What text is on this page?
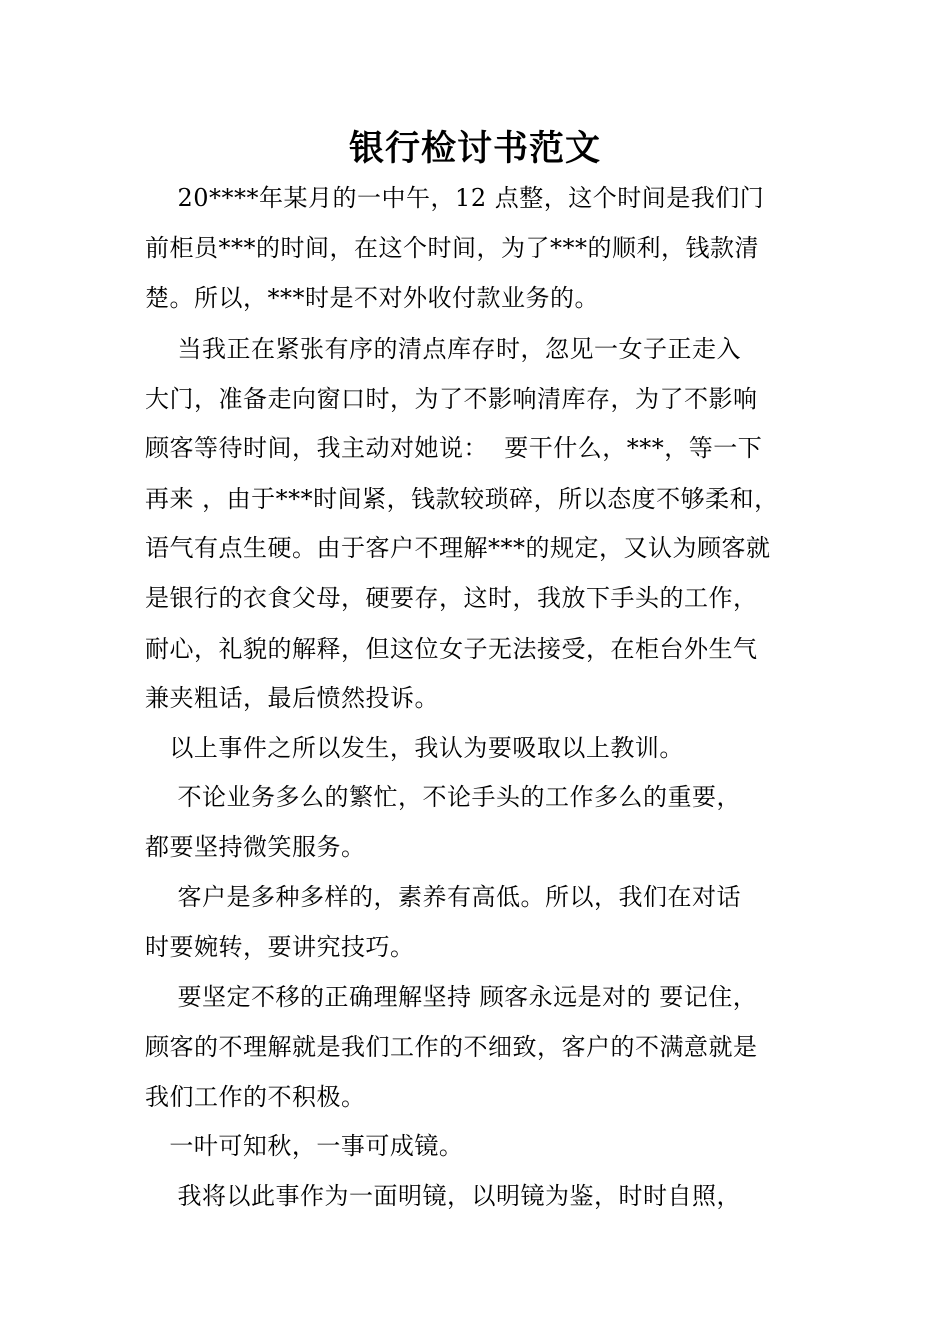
银行检讨书范文
20****年某月的一中午，12 点整，这个时间是我们门
前柜员***的时间，在这个时间，为了***的顺利，钱款清
楚。所以，***时是不对外收付款业务的。
当我正在紧张有序的清点库存时，忽见一女子正走入
大门，准备走向窗口时，为了不影响清库存，为了不影响
顾客等待时间，我主动对她说：  要干什么，***，等一下
再来 ，由于***时间紧，钱款较琐碎，所以态度不够柔和，
语气有点生硬。由于客户不理解***的规定，又认为顾客就
是银行的衣食父母，硬要存，这时，我放下手头的工作，
耐心，礼貌的解释，但这位女子无法接受，在柜台外生气
兼夹粗话，最后愤然投诉。
以上事件之所以发生，我认为要吸取以上教训。
不论业务多么的繁忙，不论手头的工作多么的重要，
都要坚持微笑服务。
客户是多种多样的，素养有高低。所以，我们在对话
时要婉转，要讲究技巧。
要坚定不移的正确理解坚持 顾客永远是对的 要记住，
顾客的不理解就是我们工作的不细致，客户的不满意就是
我们工作的不积极。
一叶可知秋，一事可成镜。
我将以此事作为一面明镜，以明镜为鉴，时时自照，
